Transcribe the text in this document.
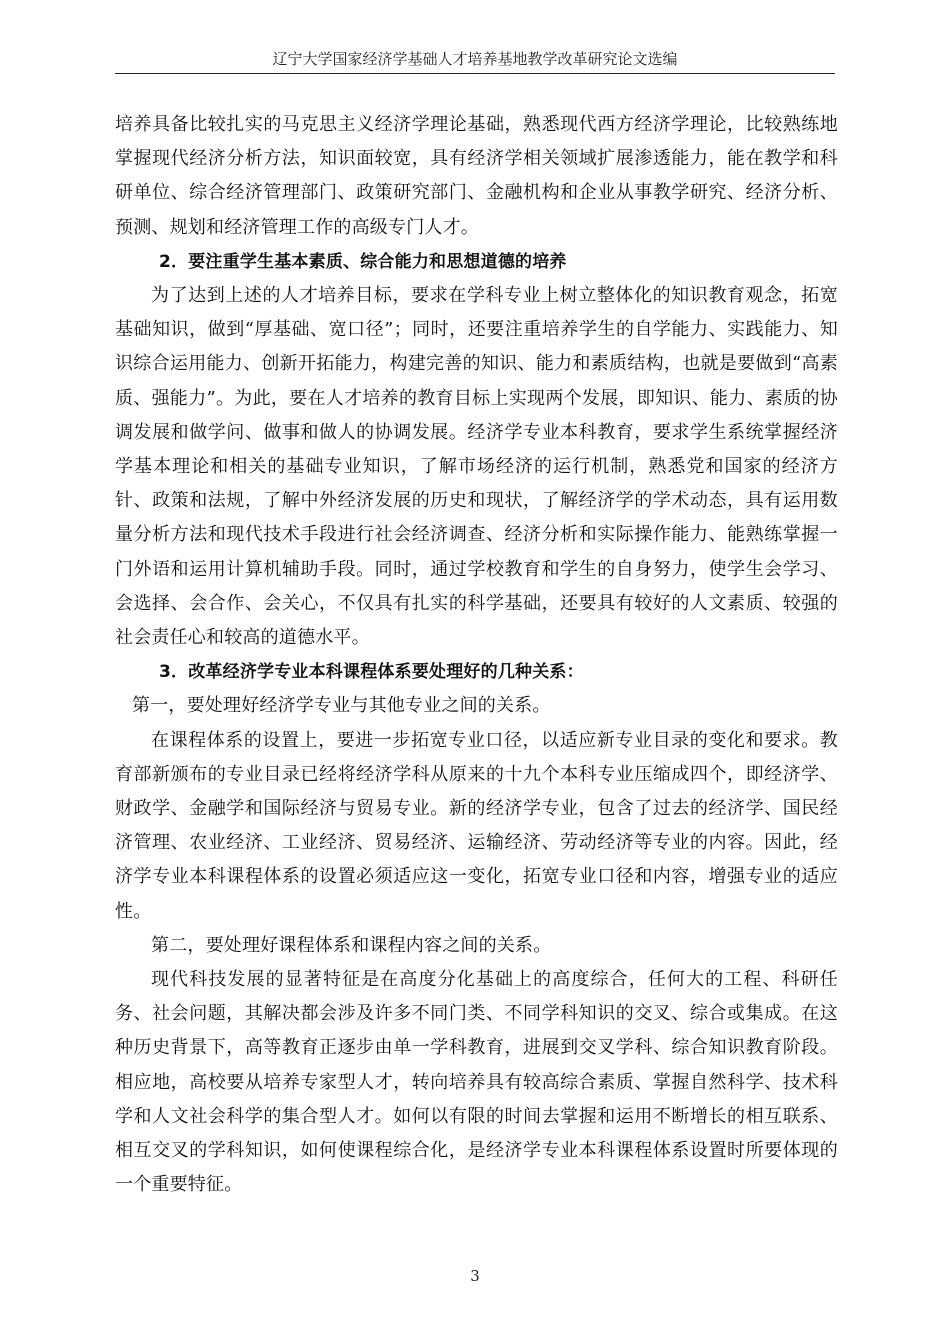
辽宁大学国家经济学基础人才培养基地教学改革研究论文选编

培养具备比较扎实的马克思主义经济学理论基础，熟悉现代西方经济学理论，比较熟练地掌握现代经济分析方法，知识面较宽，具有经济学相关领域扩展渗透能力，能在教学和科研单位、综合经济管理部门、政策研究部门、金融机构和企业从事教学研究、经济分析、预测、规划和经济管理工作的高级专门人才。

2．要注重学生基本素质、综合能力和思想道德的培养

为了达到上述的人才培养目标，要求在学科专业上树立整体化的知识教育观念，拓宽基础知识，做到“厚基础、宽口径”；同时，还要注重培养学生的自学能力、实践能力、知识综合运用能力、创新开拓能力，构建完善的知识、能力和素质结构，也就是要做到“高素质、强能力”。为此，要在人才培养的教育目标上实现两个发展，即知识、能力、素质的协调发展和做学问、做事和做人的协调发展。经济学专业本科教育，要求学生系统掌握经济学基本理论和相关的基础专业知识，了解市场经济的运行机制，熟悉党和国家的经济方针、政策和法规，了解中外经济发展的历史和现状，了解经济学的学术动态，具有运用数量分析方法和现代技术手段进行社会经济调查、经济分析和实际操作能力、能熟练掌握一门外语和运用计算机辅助手段。同时，通过学校教育和学生的自身努力，使学生会学习、会选择、会合作、会关心，不仅具有扎实的科学基础，还要具有较好的人文素质、较强的社会责任心和较高的道德水平。

3．改革经济学专业本科课程体系要处理好的几种关系：

第一，要处理好经济学专业与其他专业之间的关系。

在课程体系的设置上，要进一步拓宽专业口径，以适应新专业目录的变化和要求。教育部新颁布的专业目录已经将经济学科从原来的十九个本科专业压缩成四个，即经济学、财政学、金融学和国际经济与贸易专业。新的经济学专业，包含了过去的经济学、国民经济管理、农业经济、工业经济、贸易经济、运输经济、劳动经济等专业的内容。因此，经济学专业本科课程体系的设置必须适应这一变化，拓宽专业口径和内容，增强专业的适应性。

第二，要处理好课程体系和课程内容之间的关系。

现代科技发展的显著特征是在高度分化基础上的高度综合，任何大的工程、科研任务、社会问题，其解决都会涉及许多不同门类、不同学科知识的交叉、综合或集成。在这种历史背景下，高等教育正逐步由单一学科教育，进展到交叉学科、综合知识教育阶段。相应地，高校要从培养专家型人才，转向培养具有较高综合素质、掌握自然科学、技术科学和人文社会科学的集合型人才。如何以有限的时间去掌握和运用不断增长的相互联系、相互交叉的学科知识，如何使课程综合化，是经济学专业本科课程体系设置时所要体现的一个重要特征。

3
